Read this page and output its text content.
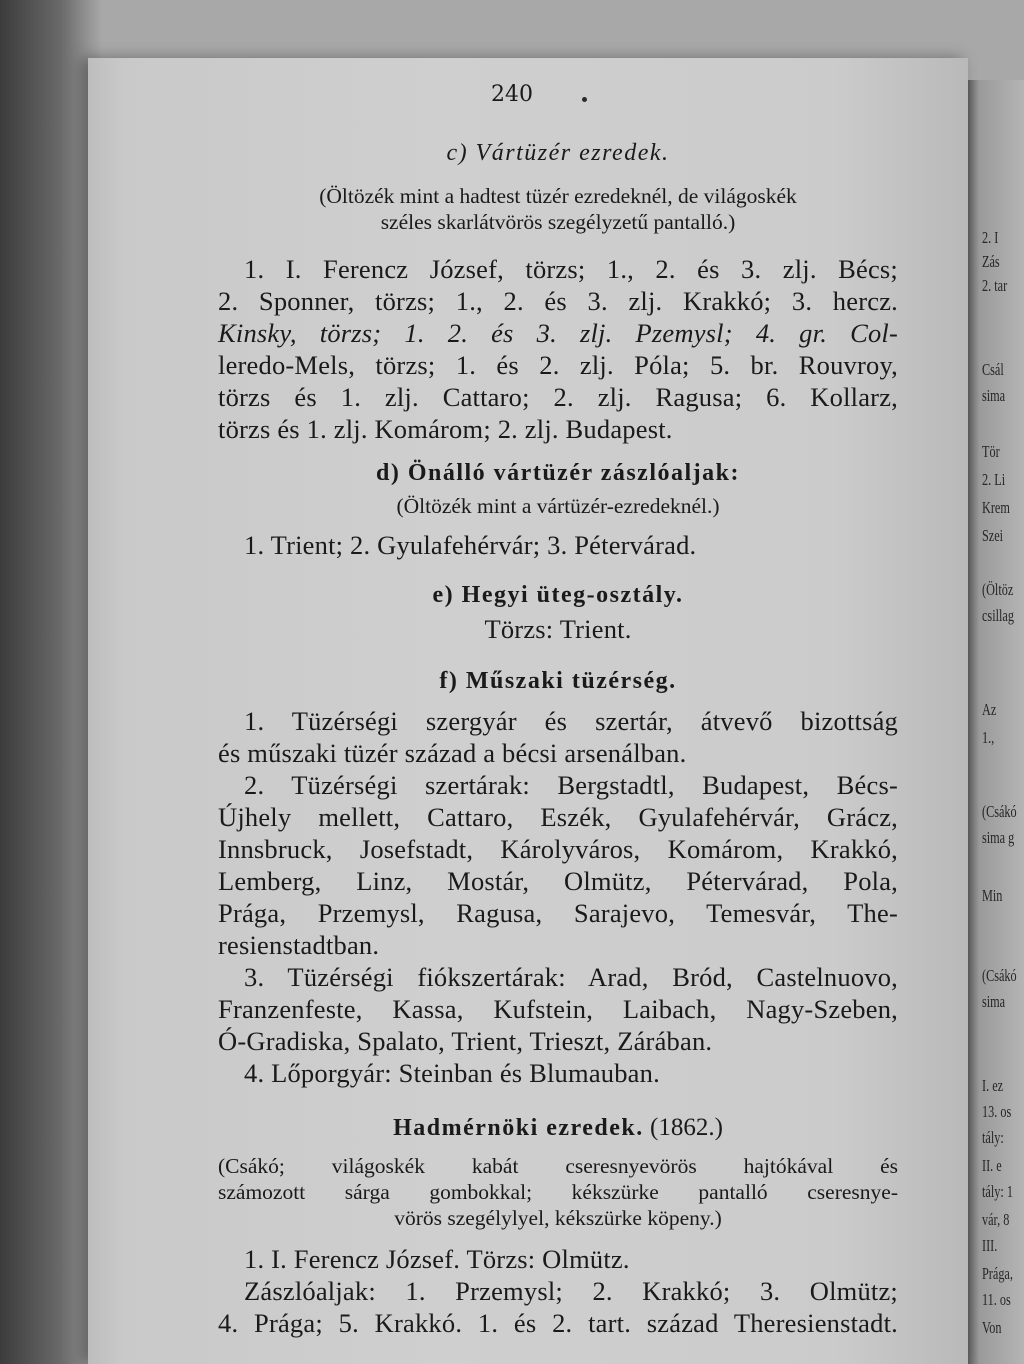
2. I
Zás
2. tar
Csál
sima
Tör
2. Li
Krem
Szei
(Öltöz
csillag
Az
1.,
(Csákó
sima g
Min
(Csákó
sima
I. ez
13. os
tály:
II. e
tály: 1
vár, 8
III.
Prága,
11. os
Von
240
c) Vártüzér ezredek.
(Öltözék mint a hadtest tüzér ezredeknél, de világoskék
széles skarlátvörös szegélyzetű pantalló.)
1. I. Ferencz József, törzs; 1., 2. és 3. zlj. Bécs;
2. Sponner, törzs; 1., 2. és 3. zlj. Krakkó; 3. hercz.
Kinsky, törzs; 1. 2. és 3. zlj. Pzemysl; 4. gr. Col-
leredo-Mels, törzs; 1. és 2. zlj. Póla; 5. br. Rouvroy,
törzs és 1. zlj. Cattaro; 2. zlj. Ragusa; 6. Kollarz,
törzs és 1. zlj. Komárom; 2. zlj. Budapest.
d) Önálló vártüzér zászlóaljak:
(Öltözék mint a vártüzér-ezredeknél.)
1. Trient; 2. Gyulafehérvár; 3. Pétervárad.
e) Hegyi üteg-osztály.
Törzs: Trient.
f) Műszaki tüzérség.
1. Tüzérségi szergyár és szertár, átvevő bizottság
és műszaki tüzér század a bécsi arsenálban.
2. Tüzérségi szertárak: Bergstadtl, Budapest, Bécs-
Újhely mellett, Cattaro, Eszék, Gyulafehérvár, Grácz,
Innsbruck, Josefstadt, Károlyváros, Komárom, Krakkó,
Lemberg, Linz, Mostár, Olmütz, Pétervárad, Pola,
Prága, Przemysl, Ragusa, Sarajevo, Temesvár, The-
resienstadtban.
3. Tüzérségi fiókszertárak: Arad, Bród, Castelnuovo,
Franzenfeste, Kassa, Kufstein, Laibach, Nagy-Szeben,
Ó-Gradiska, Spalato, Trient, Trieszt, Zárában.
4. Lőporgyár: Steinban és Blumauban.
Hadmérnöki ezredek. (1862.)
(Csákó; világoskék kabát cseresnyevörös hajtókával és
számozott sárga gombokkal; kékszürke pantalló cseresnye-
vörös szegélylyel, kékszürke köpeny.)
1. I. Ferencz József. Törzs: Olmütz.
Zászlóaljak: 1. Przemysl; 2. Krakkó; 3. Olmütz;
4. Prága; 5. Krakkó. 1. és 2. tart. század Theresienstadt.
